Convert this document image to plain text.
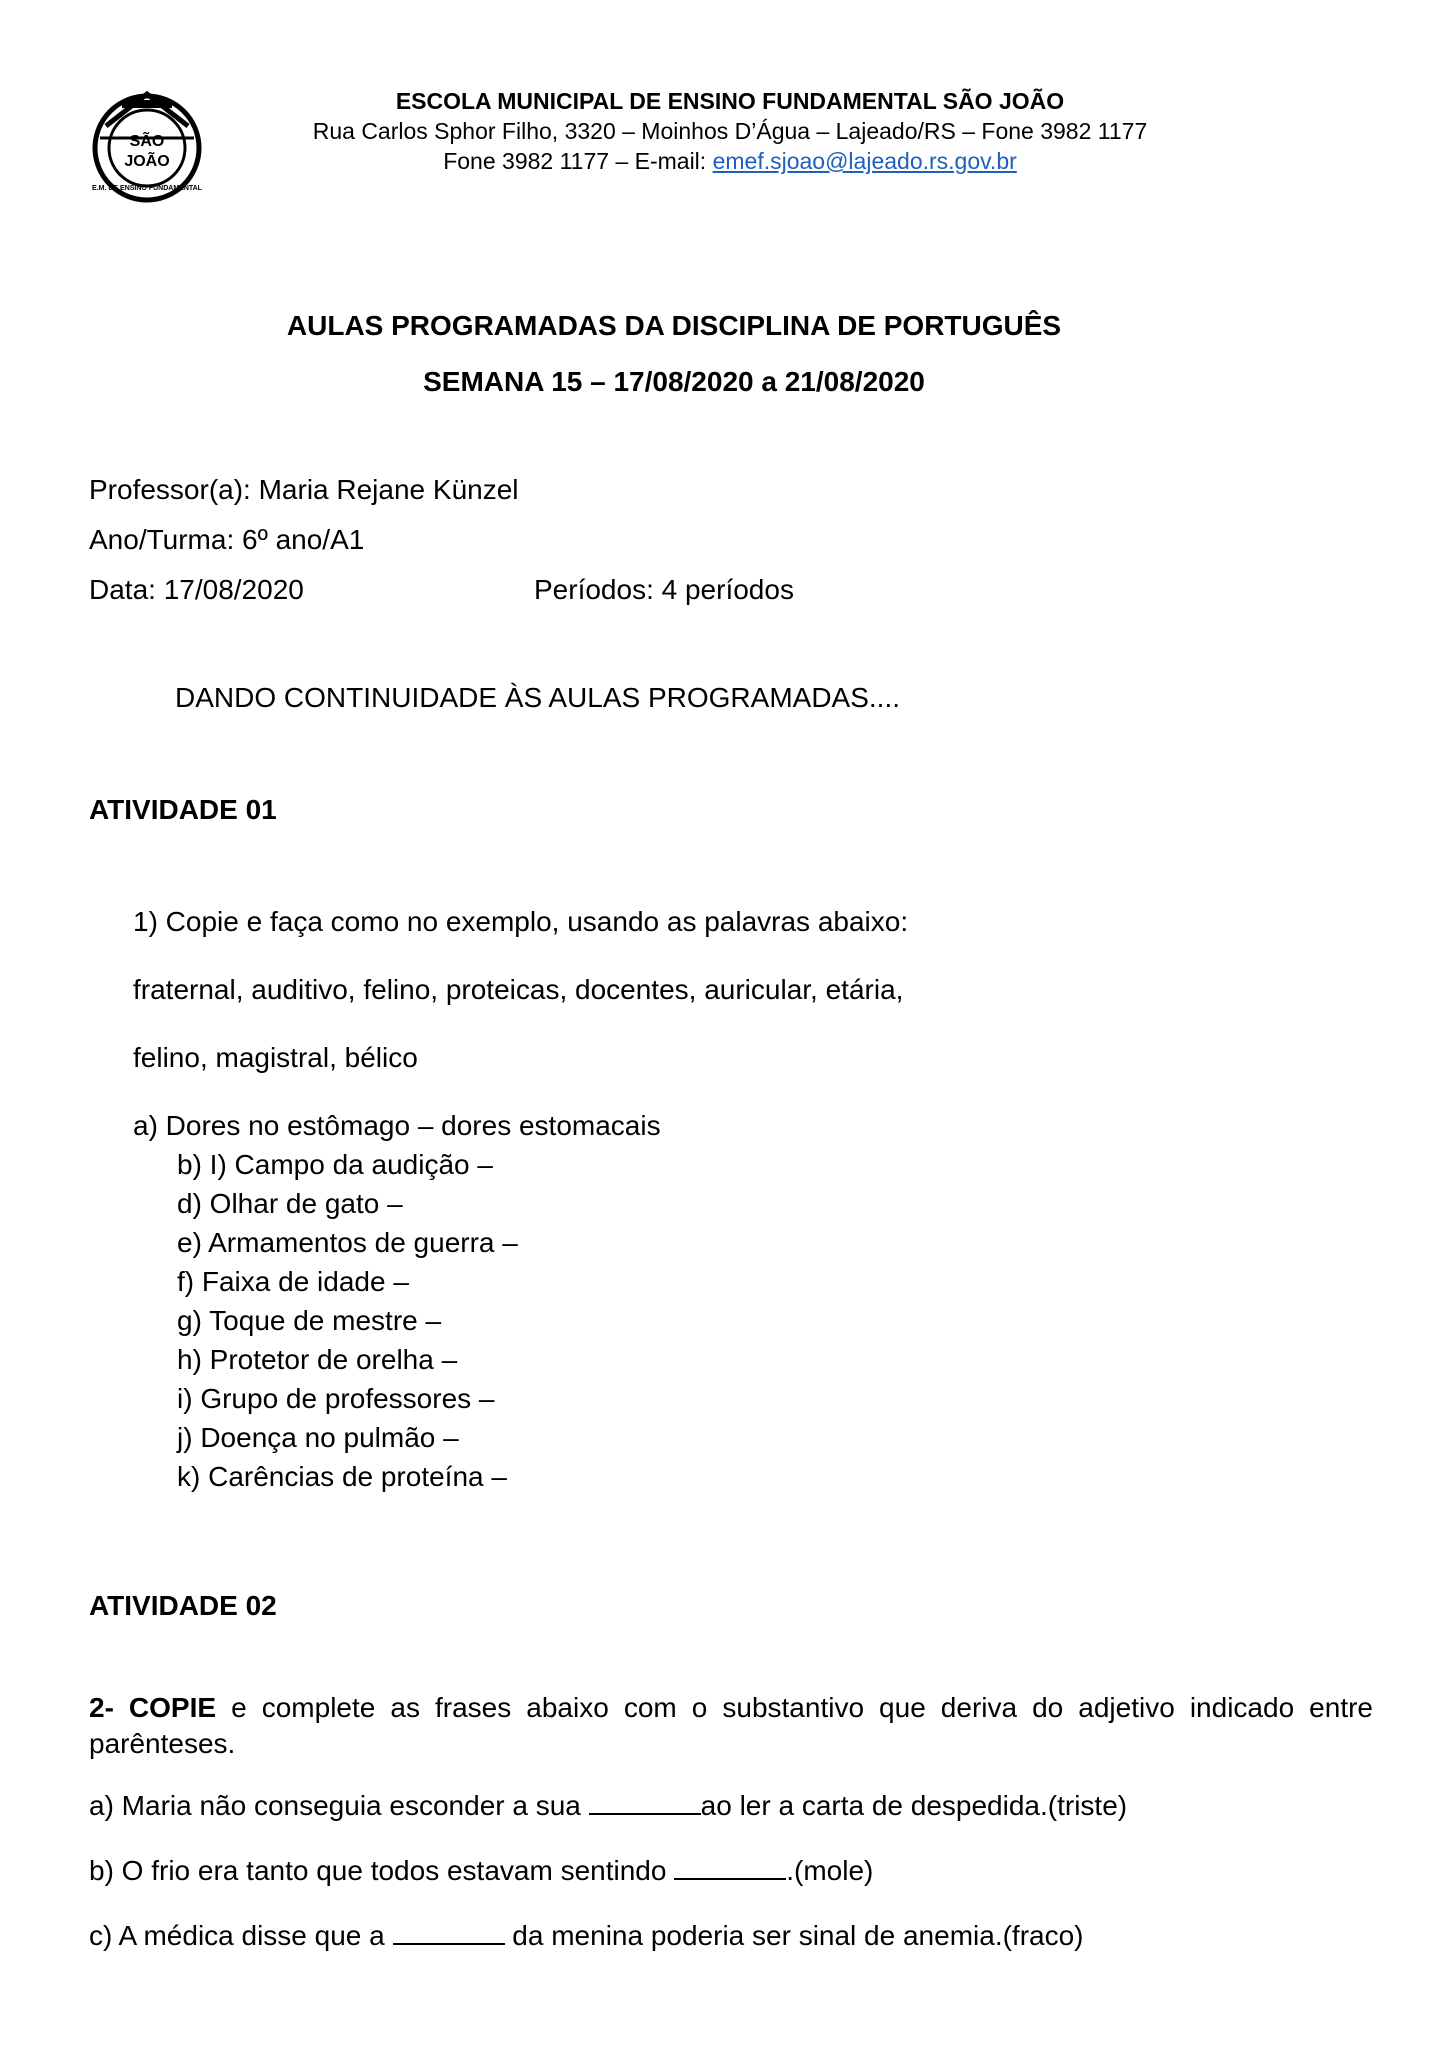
SÃO
JOÃO
E.M. DE ENSINO FUNDAMENTAL
ESCOLA MUNICIPAL DE ENSINO FUNDAMENTAL SÃO JOÃO
Rua Carlos Sphor Filho, 3320 – Moinhos D’Água – Lajeado/RS – Fone 3982 1177
Fone 3982 1177 – E-mail: emef.sjoao@lajeado.rs.gov.br
AULAS PROGRAMADAS DA DISCIPLINA DE PORTUGUÊS
SEMANA 15 – 17/08/2020 a 21/08/2020
Professor(a): Maria Rejane Künzel
Ano/Turma: 6º ano/A1
Data: 17/08/2020	Períodos: 4 períodos
DANDO CONTINUIDADE ÀS AULAS PROGRAMADAS....
ATIVIDADE 01
1) Copie e faça como no exemplo, usando as palavras abaixo:
fraternal, auditivo, felino, proteicas, docentes, auricular, etária,
felino, magistral, bélico
a) Dores no estômago – dores estomacais
b) I) Campo da audição –
d) Olhar de gato –
e) Armamentos de guerra –
f) Faixa de idade –
g) Toque de mestre –
h) Protetor de orelha –
i) Grupo de professores –
j) Doença no pulmão –
k) Carências de proteína –
ATIVIDADE 02
2- COPIE e complete as frases abaixo com o substantivo que deriva do adjetivo indicado entre parênteses.
a) Maria não conseguia esconder a sua	ao ler a carta de despedida.(triste)
b) O frio era tanto que todos estavam sentindo	.(mole)
c) A médica disse que a	da menina poderia ser sinal de anemia.(fraco)
